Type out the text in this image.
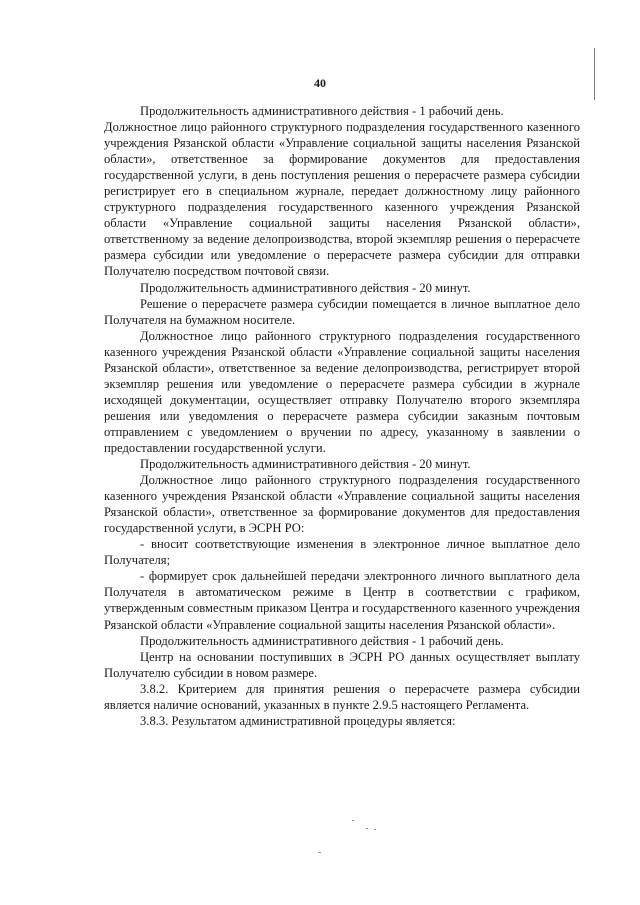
40

Продолжительность административного действия - 1 рабочий день.

Должностное лицо районного структурного подразделения государственного казенного учреждения Рязанской области «Управление социальной защиты населения Рязанской области», ответственное за формирование документов для предоставления государственной услуги, в день поступления решения о перерасчете размера субсидии регистрирует его в специальном журнале, передает должностному лицу районного структурного подразделения государственного казенного учреждения Рязанской области «Управление социальной защиты населения Рязанской области», ответственному за ведение делопроизводства, второй экземпляр решения о перерасчете размера субсидии или уведомление о перерасчете размера субсидии для отправки Получателю посредством почтовой связи.

Продолжительность административного действия - 20 минут.

Решение о перерасчете размера субсидии помещается в личное выплатное дело Получателя на бумажном носителе.

Должностное лицо районного структурного подразделения государственного казенного учреждения Рязанской области «Управление социальной защиты населения Рязанской области», ответственное за ведение делопроизводства, регистрирует второй экземпляр решения или уведомление о перерасчете размера субсидии в журнале исходящей документации, осуществляет отправку Получателю второго экземпляра решения или уведомления о перерасчете размера субсидии заказным почтовым отправлением с уведомлением о вручении по адресу, указанному в заявлении о предоставлении государственной услуги.

Продолжительность административного действия - 20 минут.

Должностное лицо районного структурного подразделения государственного казенного учреждения Рязанской области «Управление социальной защиты населения Рязанской области», ответственное за формирование документов для предоставления государственной услуги, в ЭСРН РО:

- вносит соответствующие изменения в электронное личное выплатное дело Получателя;

- формирует срок дальнейшей передачи электронного личного выплатного дела Получателя в автоматическом режиме в Центр в соответствии с графиком, утвержденным совместным приказом Центра и государственного казенного учреждения Рязанской области «Управление социальной защиты населения Рязанской области».

Продолжительность административного действия - 1 рабочий день.

Центр на основании поступивших в ЭСРН РО данных осуществляет выплату Получателю субсидии в новом размере.

3.8.2. Критерием для принятия решения о перерасчете размера субсидии является наличие оснований, указанных в пункте 2.9.5 настоящего Регламента.

3.8.3. Результатом административной процедуры является:
